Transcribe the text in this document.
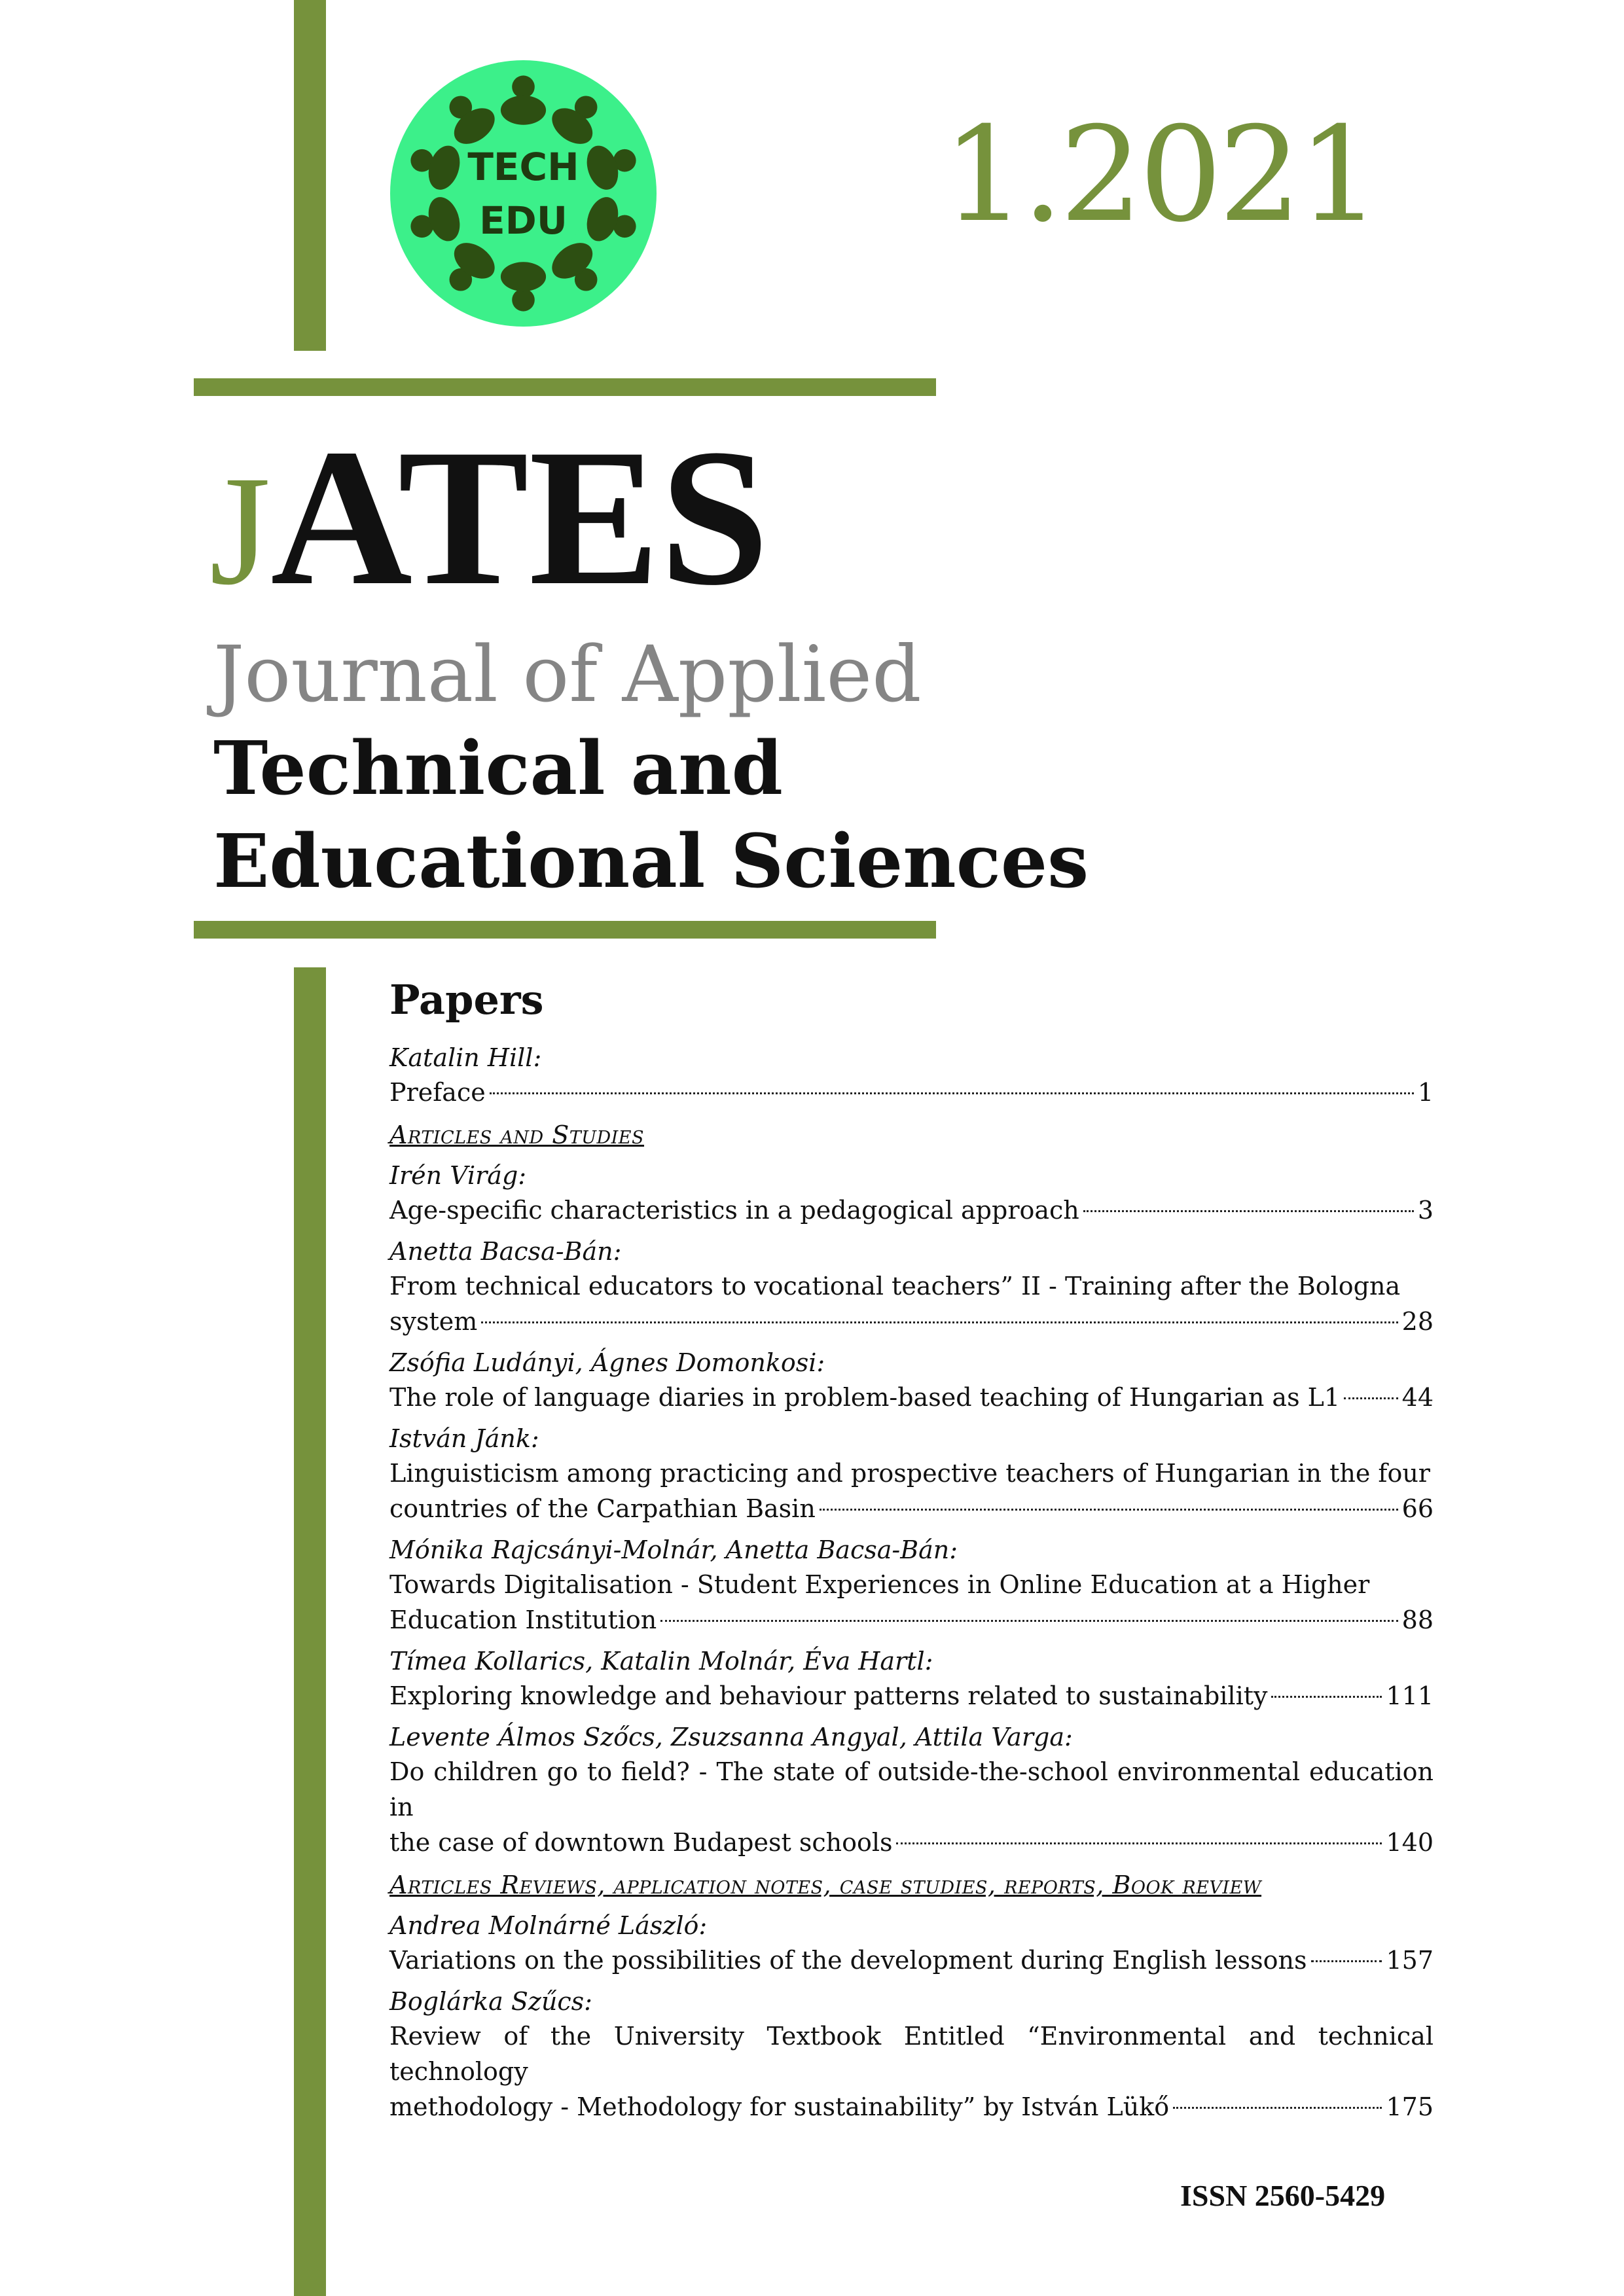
TECH
EDU	1.2021
JATES
Journal of Applied
Technical and
Educational Sciences
Papers
Katalin Hill:
Preface	1
Articles and Studies
Irén Virág:
Age-specific characteristics in a pedagogical approach	3
Anetta Bacsa-Bán:
From technical educators to vocational teachers” II - Training after the Bologna
system	28
Zsófia Ludányi, Ágnes Domonkosi:
The role of language diaries in problem-based teaching of Hungarian as L1 44
István Jánk:
Linguisticism among practicing and prospective teachers of Hungarian in the four
countries of the Carpathian Basin	66
Mónika Rajcsányi-Molnár, Anetta Bacsa-Bán:
Towards Digitalisation - Student Experiences in Online Education at a Higher
Education Institution	88
Tímea Kollarics, Katalin Molnár, Éva Hartl:
Exploring knowledge and behaviour patterns related to sustainability	111
Levente Álmos Szőcs, Zsuzsanna Angyal, Attila Varga:
Do children go to field? - The state of outside-the-school environmental education in
the case of downtown Budapest schools	140
Articles Reviews, application notes, case studies, reports, Book review
Andrea Molnárné László:
Variations on the possibilities of the development during English lessons	157
Boglárka Szűcs:
Review of the University Textbook Entitled “Environmental and technical technology
methodology - Methodology for sustainability” by István Lükő	175
ISSN 2560-5429
